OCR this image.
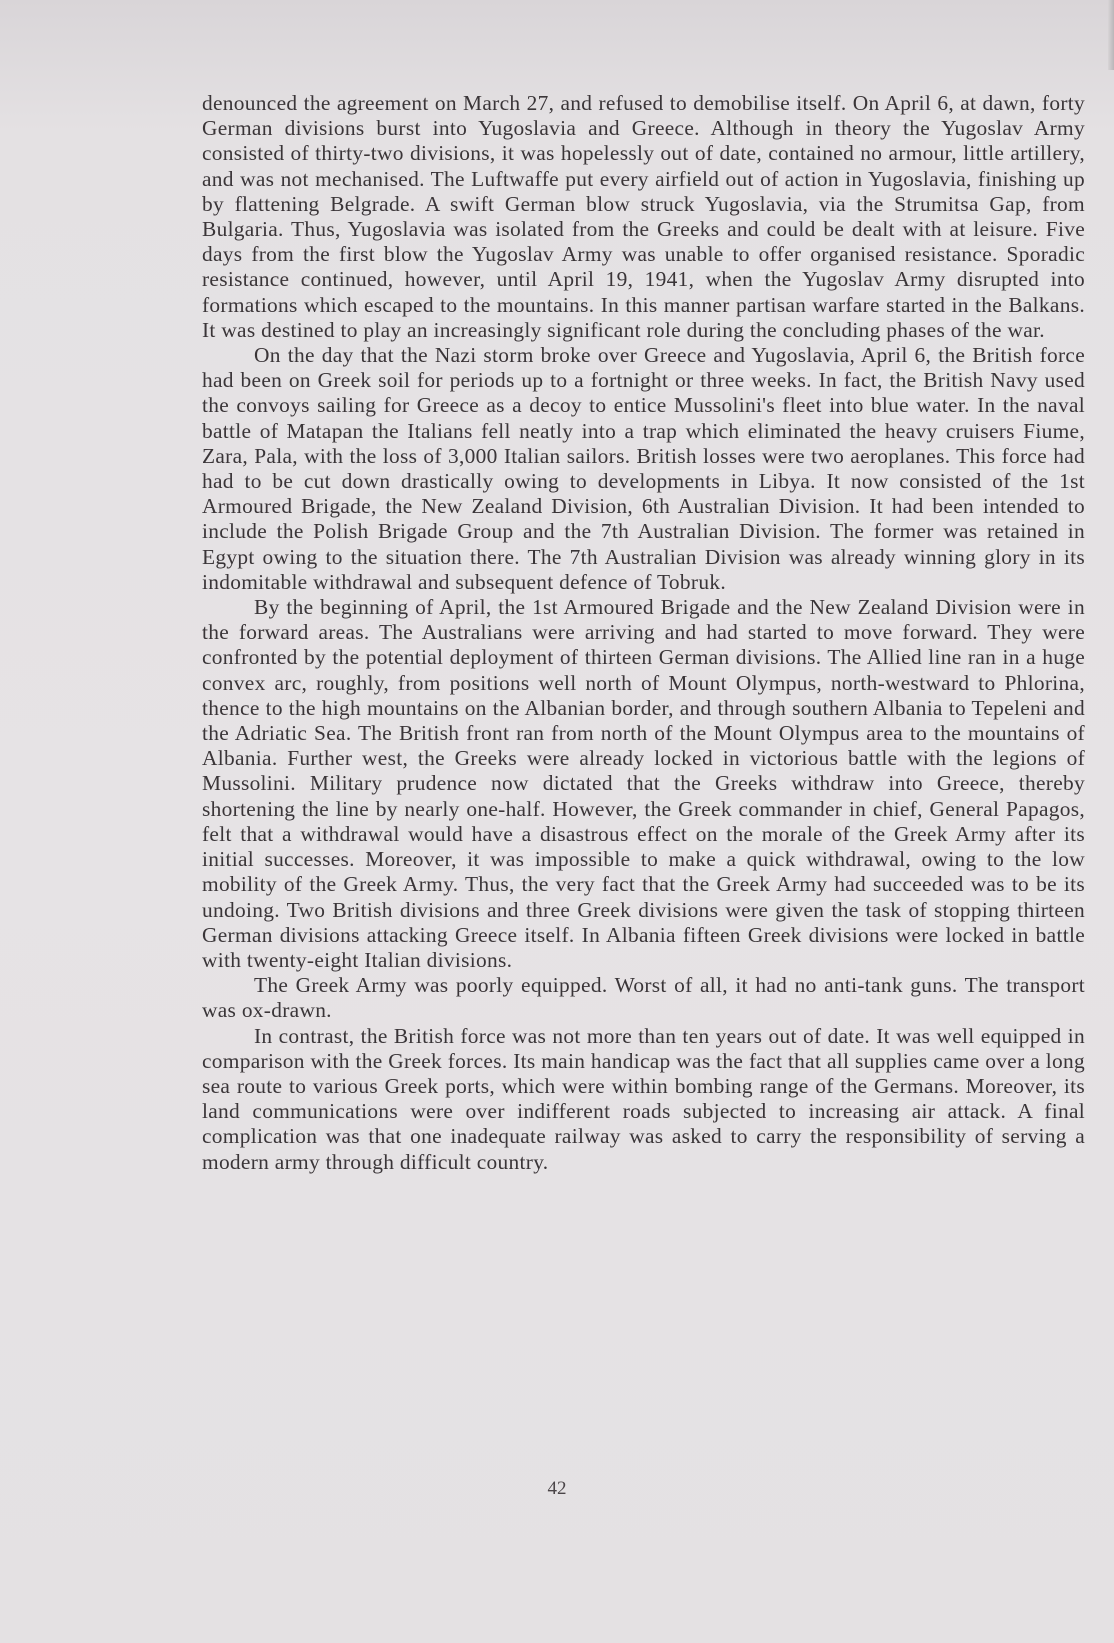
denounced the agreement on March 27, and refused to demobilise itself. On April 6, at dawn, forty German divisions burst into Yugoslavia and Greece. Although in theory the Yugoslav Army consisted of thirty-two divisions, it was hopelessly out of date, contained no armour, little artillery, and was not mechanised. The Luftwaffe put every airfield out of action in Yugoslavia, finishing up by flattening Belgrade. A swift German blow struck Yugoslavia, via the Strumitsa Gap, from Bulgaria. Thus, Yugoslavia was isolated from the Greeks and could be dealt with at leisure. Five days from the first blow the Yugoslav Army was unable to offer organised resistance. Sporadic resistance continued, however, until April 19, 1941, when the Yugoslav Army disrupted into formations which escaped to the mountains. In this manner partisan warfare started in the Balkans. It was destined to play an increasingly significant role during the concluding phases of the war.

On the day that the Nazi storm broke over Greece and Yugoslavia, April 6, the British force had been on Greek soil for periods up to a fortnight or three weeks. In fact, the British Navy used the convoys sailing for Greece as a decoy to entice Mussolini's fleet into blue water. In the naval battle of Matapan the Italians fell neatly into a trap which eliminated the heavy cruisers Fiume, Zara, Pala, with the loss of 3,000 Italian sailors. British losses were two aeroplanes. This force had had to be cut down drastically owing to developments in Libya. It now consisted of the 1st Armoured Brigade, the New Zealand Division, 6th Australian Division. It had been intended to include the Polish Brigade Group and the 7th Australian Division. The former was retained in Egypt owing to the situation there. The 7th Australian Division was already winning glory in its indomitable withdrawal and subsequent defence of Tobruk.

By the beginning of April, the 1st Armoured Brigade and the New Zealand Division were in the forward areas. The Australians were arriving and had started to move forward. They were confronted by the potential deployment of thirteen German divisions. The Allied line ran in a huge convex arc, roughly, from positions well north of Mount Olympus, north-westward to Phlorina, thence to the high mountains on the Albanian border, and through southern Albania to Tepeleni and the Adriatic Sea. The British front ran from north of the Mount Olympus area to the mountains of Albania. Further west, the Greeks were already locked in victorious battle with the legions of Mussolini. Military prudence now dictated that the Greeks withdraw into Greece, thereby shortening the line by nearly one-half. However, the Greek commander in chief, General Papagos, felt that a withdrawal would have a disastrous effect on the morale of the Greek Army after its initial successes. Moreover, it was impossible to make a quick withdrawal, owing to the low mobility of the Greek Army. Thus, the very fact that the Greek Army had succeeded was to be its undoing. Two British divisions and three Greek divisions were given the task of stopping thirteen German divisions attacking Greece itself. In Albania fifteen Greek divisions were locked in battle with twenty-eight Italian divisions.

The Greek Army was poorly equipped. Worst of all, it had no anti-tank guns. The transport was ox-drawn.

In contrast, the British force was not more than ten years out of date. It was well equipped in comparison with the Greek forces. Its main handicap was the fact that all supplies came over a long sea route to various Greek ports, which were within bombing range of the Germans. Moreover, its land communications were over indifferent roads subjected to increasing air attack. A final complication was that one inadequate railway was asked to carry the responsibility of serving a modern army through difficult country.

42
